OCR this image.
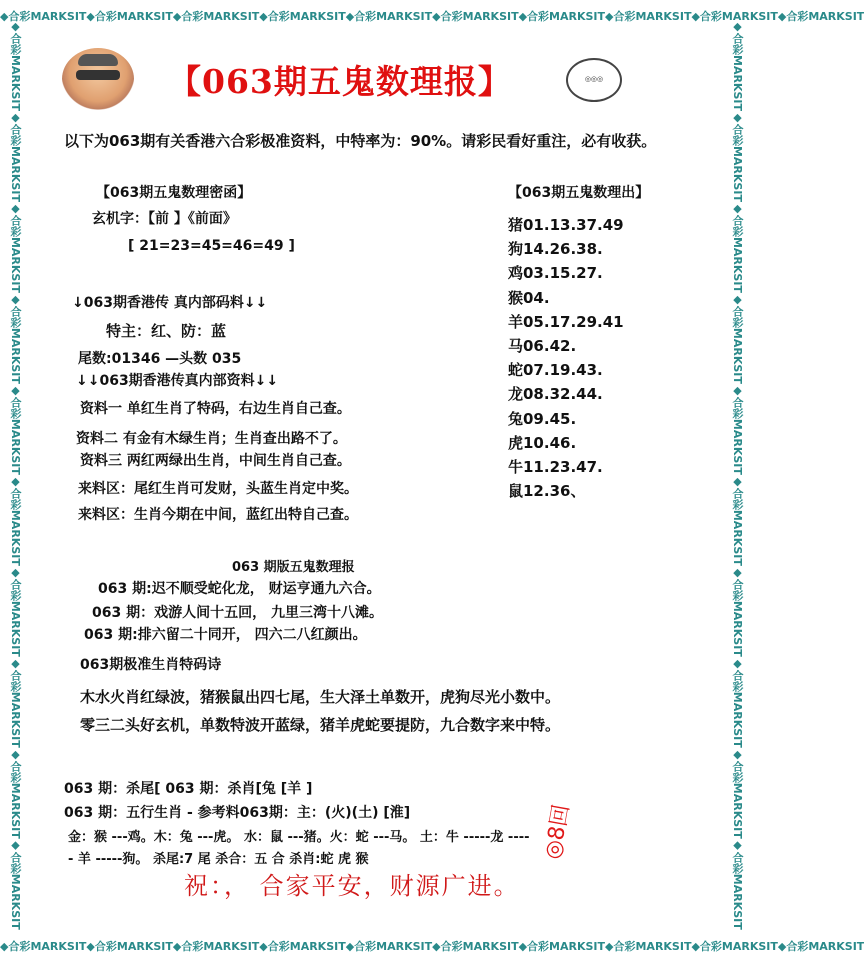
◆合彩MARKSIT◆合彩MARKSIT◆合彩MARKSIT◆合彩MARKSIT◆合彩MARKSIT◆合彩MARKSIT◆合彩MARKSIT◆合彩MARKSIT◆合彩MARKSIT◆合彩MARKSIT
◆合彩MARKSIT◆合彩MARKSIT◆合彩MARKSIT◆合彩MARKSIT◆合彩MARKSIT◆合彩MARKSIT◆合彩MARKSIT◆合彩MARKSIT◆合彩MARKSIT◆合彩MARKSIT
◆合彩MARKSIT◆合彩MARKSIT◆合彩MARKSIT◆合彩MARKSIT◆合彩MARKSIT◆合彩MARKSIT◆合彩MARKSIT◆合彩MARKSIT◆合彩MARKSIT◆合彩MARKSIT	◆合彩MARKSIT◆合彩MARKSIT◆合彩MARKSIT◆合彩MARKSIT◆合彩MARKSIT◆合彩MARKSIT◆合彩MARKSIT◆合彩MARKSIT◆合彩MARKSIT◆合彩MARKSIT
【063期五鬼数理报】	◎◎◎
以下为063期有关香港六合彩极准资料，中特率为：90%。请彩民看好重注，必有收获。
【063期五鬼数理密函】
玄机字：【前 】《前面》
[ 21=23=45=46=49 ]
↓063期香港传 真内部码料↓↓
特主：红、防：蓝
尾数:01346 —头数 035
↓↓063期香港传真内部资料↓↓
资料一 单红生肖了特码，右边生肖自己查。
资料二 有金有木绿生肖；生肖查出路不了。
资料三 两红两绿出生肖，中间生肖自己查。
来料区：尾红生肖可发财，头蓝生肖定中奖。
来料区：生肖今期在中间，蓝红出特自己查。
【063期五鬼数理出】
猪01.13.37.49
狗14.26.38.
鸡03.15.27.
猴04.
羊05.17.29.41
马06.42.
蛇07.19.43.
龙08.32.44.
兔09.45.
虎10.46.
牛11.23.47.
鼠12.36、
063 期版五鬼数理报
063 期:迟不顺受蛇化龙， 财运亨通九六合。
063 期：戏游人间十五回， 九里三湾十八滩。
063 期:排六留二十同开， 四六二八红颜出。
063期极准生肖特码诗
木水火肖红绿波，猪猴鼠出四七尾，生大泽土单数开，虎狗尽光小数中。
零三二头好玄机，单数特波开蓝绿，猪羊虎蛇要提防，九合数字来中特。
063 期：杀尾[ 063 期：杀肖[兔 [羊 ]
063 期：五行生肖 - 参考料063期：主：(火)(土) [淮]
金：猴 ---鸡。木：兔 ---虎。 水：鼠 ---猪。火：蛇 ---马。 土：牛 -----龙 ----
- 羊 -----狗。 杀尾:7 尾 杀合：五 合 杀肖:蛇 虎 猴	◎8回
祝：， 合家平安，财源广进。
